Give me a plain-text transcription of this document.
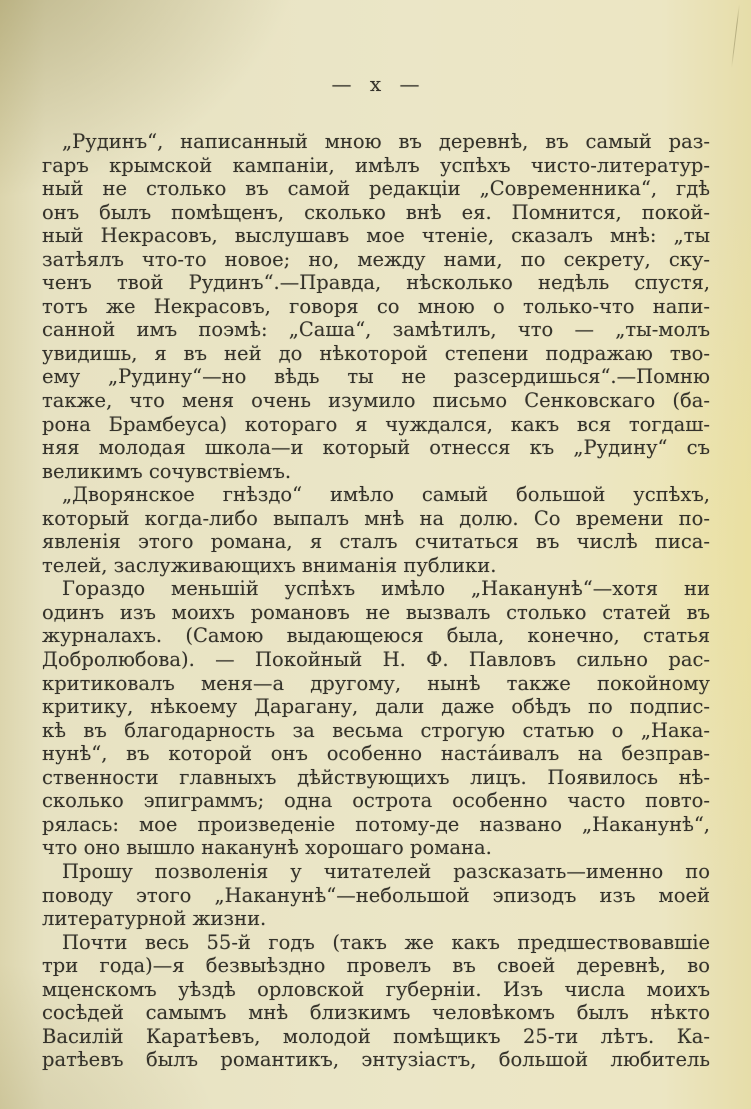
— x —
„Рудинъ“, написанный мною въ деревнѣ, въ самый раз-
гаръ крымской кампаніи, имѣлъ успѣхъ чисто-литератур-
ный не столько въ самой редакціи „Современника“, гдѣ
онъ былъ помѣщенъ, сколько внѣ ея. Помнится, покой-
ный Некрасовъ, выслушавъ мое чтеніе, сказалъ мнѣ: „ты
затѣялъ что-то новое; но, между нами, по секрету, ску-
ченъ твой Рудинъ“.—Правда, нѣсколько недѣль спустя,
тотъ же Некрасовъ, говоря со мною о только-что напи-
санной имъ поэмѣ: „Саша“, замѣтилъ, что — „ты-молъ
увидишь, я въ ней до нѣкоторой степени подражаю тво-
ему „Рудину“—но вѣдь ты не разсердишься“.—Помню
также, что меня очень изумило письмо Сенковскаго (ба-
рона Брамбеуса) котораго я чуждался, какъ вся тогдаш-
няя молодая школа—и который отнесся къ „Рудину“ съ
великимъ сочувствіемъ.
„Дворянское гнѣздо“ имѣло самый большой успѣхъ,
который когда-либо выпалъ мнѣ на долю. Со времени по-
явленія этого романа, я сталъ считаться въ числѣ писа-
телей, заслуживающихъ вниманія публики.
Гораздо меньшій успѣхъ имѣло „Наканунѣ“—хотя ни
одинъ изъ моихъ романовъ не вызвалъ столько статей въ
журналахъ. (Самою выдающеюся была, конечно, статья
Добролюбова). — Покойный Н. Ф. Павловъ сильно рас-
критиковалъ меня—а другому, нынѣ также покойному
критику, нѣкоему Дарагану, дали даже обѣдъ по подпис-
кѣ въ благодарность за весьма строгую статью о „Нака-
нунѣ“, въ которой онъ особенно настáивалъ на безправ-
ственности главныхъ дѣйствующихъ лицъ. Появилось нѣ-
сколько эпиграммъ; одна острота особенно часто повто-
рялась: мое произведеніе потому-де названо „Наканунѣ“,
что оно вышло наканунѣ хорошаго романа.
Прошу позволенія у читателей разсказать—именно по
поводу этого „Наканунѣ“—небольшой эпизодъ изъ моей
литературной жизни.
Почти весь 55-й годъ (такъ же какъ предшествовавшіе
три года)—я безвыѣздно провелъ въ своей деревнѣ, во
мценскомъ уѣздѣ орловской губерніи. Изъ числа моихъ
сосѣдей самымъ мнѣ близкимъ человѣкомъ былъ нѣкто
Василій Каратѣевъ, молодой помѣщикъ 25-ти лѣтъ. Ка-
ратѣевъ былъ романтикъ, энтузіастъ, большой любитель
